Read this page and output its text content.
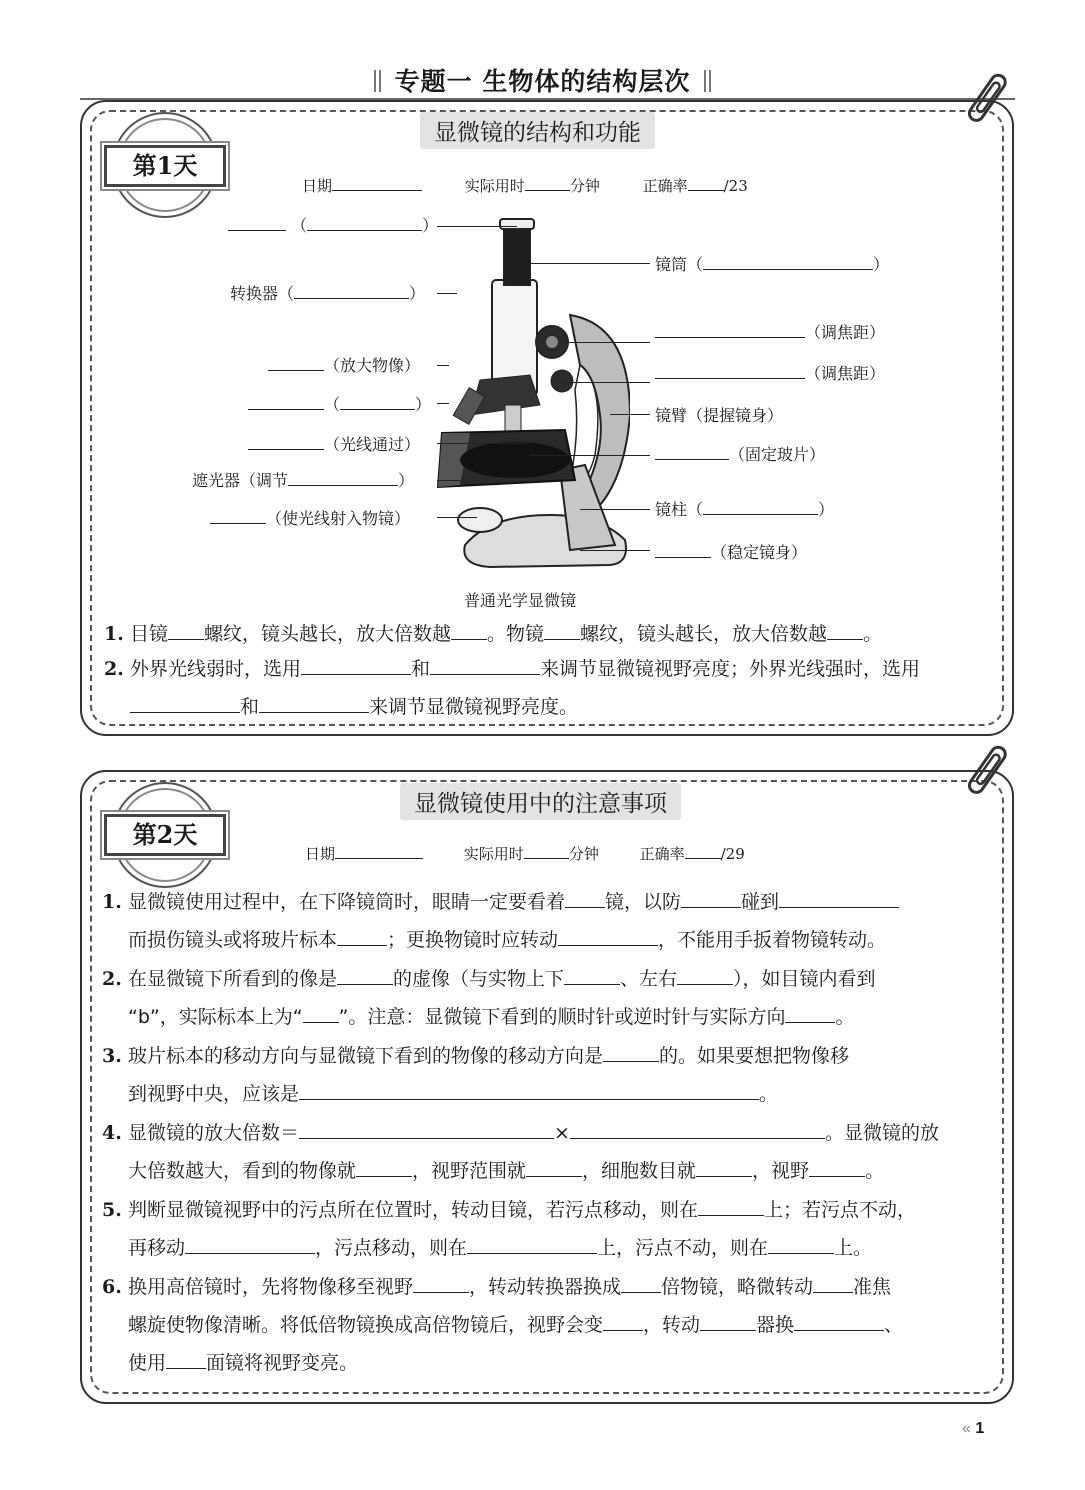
专题一 生物体的结构层次
第1天
显微镜的结构和功能
日期	实际用时	分钟	正确率 /23
（	）
转换器（	）
（放大物像）
（	）
（光线通过）
遮光器（调节	）
（使光线射入物镜）
镜筒（	）
（调焦距）
（调焦距）
镜臂（提握镜身）
（固定玻片）
镜柱（	）
（稳定镜身）
普通光学显微镜
1. 目镜 螺纹，镜头越长，放大倍数越 。物镜 螺纹，镜头越长，放大倍数越 。
2. 外界光线弱时，选用	和	来调节显微镜视野亮度；外界光线强时，选用
和	来调节显微镜视野亮度。
第2天
显微镜使用中的注意事项
日期	实际用时	分钟	正确率 /29
1. 显微镜使用过程中，在下降镜筒时，眼睛一定要看着 镜，以防	碰到
而损伤镜头或将玻片标本	；更换物镜时应转动	，不能用手扳着物镜转动。
2. 在显微镜下所看到的像是	的虚像（与实物上下	、左右	），如目镜内看到
“b”，实际标本上为“ ”。注意：显微镜下看到的顺时针或逆时针与实际方向	。
3. 玻片标本的移动方向与显微镜下看到的物像的移动方向是	的。如果要想把物像移
到视野中央，应该是	。
4. 显微镜的放大倍数＝	×	。显微镜的放
大倍数越大，看到的物像就	，视野范围就	，细胞数目就	，视野	。
5. 判断显微镜视野中的污点所在位置时，转动目镜，若污点移动，则在	上；若污点不动，
再移动	，污点移动，则在	上，污点不动，则在	上。
6. 换用高倍镜时，先将物像移至视野	，转动转换器换成 倍物镜，略微转动 准焦
螺旋使物像清晰。将低倍物镜换成高倍物镜后，视野会变 ，转动	器换	、
使用 面镜将视野变亮。
« 1
